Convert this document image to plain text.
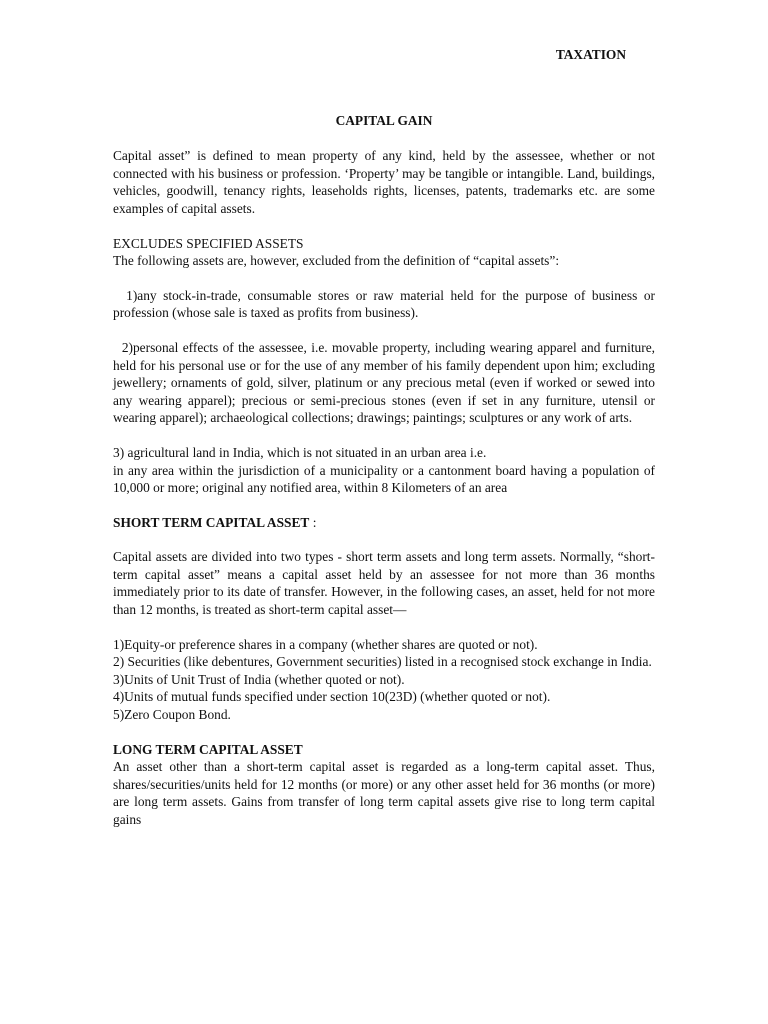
TAXATION
CAPITAL GAIN

Capital asset” is defined to mean property of any kind, held by the assessee, whether or not connected with his business or profession. ‘Property’ may be tangible or intangible. Land, buildings, vehicles, goodwill, tenancy rights, leaseholds rights, licenses, patents, trademarks etc. are some examples of capital assets.

EXCLUDES SPECIFIED ASSETS

The following assets are, however, excluded from the definition of “capital assets”:

1)any stock-in-trade, consumable stores or raw material held for the purpose of business or profession (whose sale is taxed as profits from business).

2)personal effects of the assessee, i.e. movable property, including wearing apparel and furniture, held for his personal use or for the use of any member of his family dependent upon him; excluding  jewellery; ornaments of gold, silver, platinum or any precious metal (even if worked or sewed into any wearing apparel); precious or semi-precious stones (even if set in any furniture, utensil or wearing apparel); archaeological collections; drawings; paintings; sculptures or any work of arts.

3) agricultural land in India, which is not situated in an urban area i.e.

in any area within the jurisdiction of a municipality or a cantonment board having a population of 10,000 or more; original any notified area, within 8 Kilometers of an area

SHORT TERM CAPITAL ASSET :

Capital assets are divided into two types - short term assets and long term assets. Normally, “short-term capital asset” means a capital asset held by an assessee for not more than 36 months immediately prior to its date of transfer. However, in the following cases, an asset, held for not more than 12 months, is treated as short-term capital asset—

1)Equity-or preference shares in a company (whether shares are quoted or not).

2) Securities (like debentures, Government securities) listed in a recognised stock exchange in India.

3)Units of Unit Trust of India (whether quoted or not).

4)Units of mutual funds specified under section 10(23D) (whether quoted or not).

5)Zero Coupon Bond.

LONG TERM CAPITAL ASSET

An asset other than a short-term capital asset is regarded as a long-term capital asset. Thus, shares/securities/units held for 12 months (or more) or any other asset held for 36 months (or more) are long term assets. Gains from transfer of long term capital assets give rise to long term capital gains
